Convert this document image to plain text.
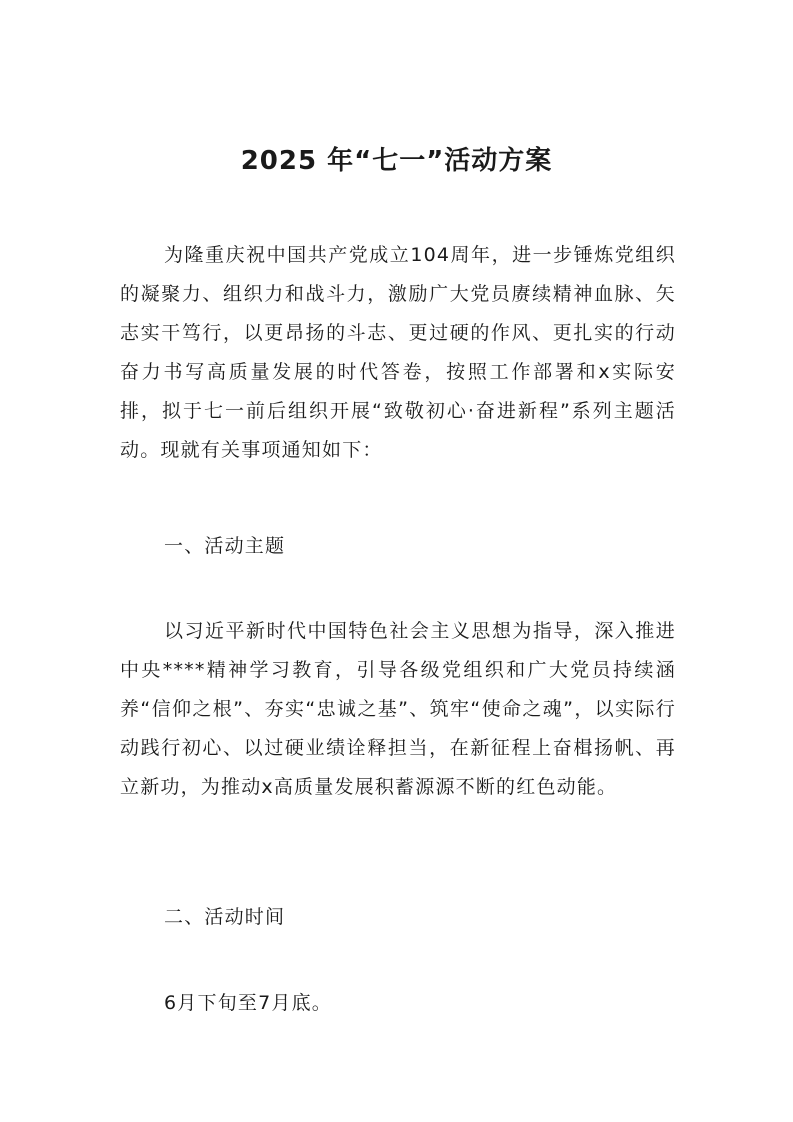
2025 年“七一”活动方案

为隆重庆祝中国共产党成立104周年，进一步锤炼党组织的凝聚力、组织力和战斗力，激励广大党员赓续精神血脉、矢志实干笃行，以更昂扬的斗志、更过硬的作风、更扎实的行动奋力书写高质量发展的时代答卷，按照工作部署和x实际安排，拟于七一前后组织开展“致敬初心·奋进新程”系列主题活动。现就有关事项通知如下：

一、活动主题

以习近平新时代中国特色社会主义思想为指导，深入推进中央****精神学习教育，引导各级党组织和广大党员持续涵养“信仰之根”、夯实“忠诚之基”、筑牢“使命之魂”，以实际行动践行初心、以过硬业绩诠释担当，在新征程上奋楫扬帆、再立新功，为推动x高质量发展积蓄源源不断的红色动能。

二、活动时间

6月下旬至7月底。
